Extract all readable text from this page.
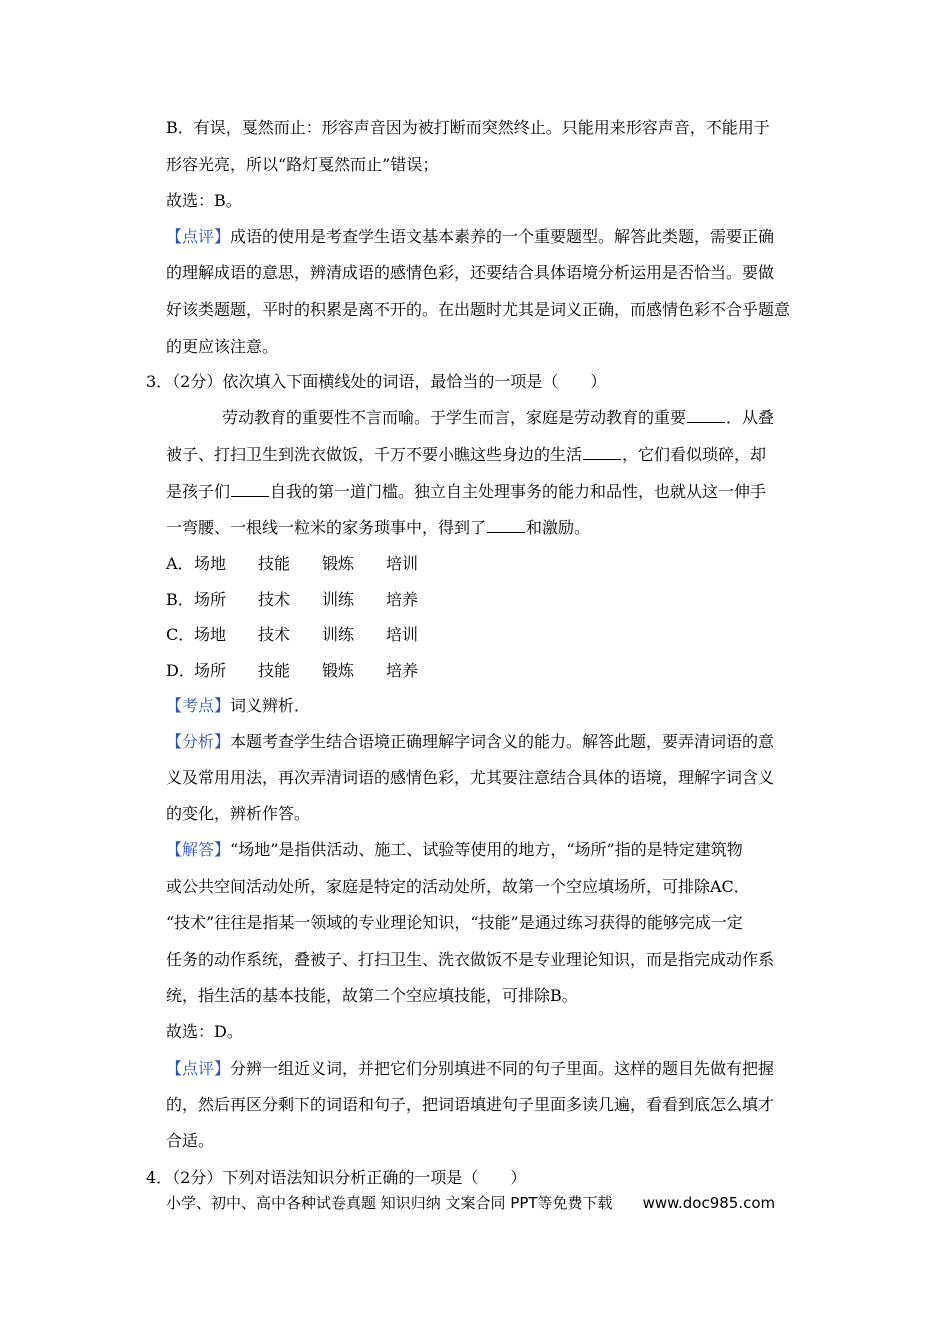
B．有误，戛然而止：形容声音因为被打断而突然终止。只能用来形容声音，不能用于
形容光亮，所以“路灯戛然而止”错误；
故选：B。
【点评】成语的使用是考查学生语文基本素养的一个重要题型。解答此类题，需要正确
的理解成语的意思，辨清成语的感情色彩，还要结合具体语境分析运用是否恰当。要做
好该类题题，平时的积累是离不开的。在出题时尤其是词义正确，而感情色彩不合乎题意
的更应该注意。
3．（2分）依次填入下面横线处的词语，最恰当的一项是（　　）
劳动教育的重要性不言而喻。于学生而言，家庭是劳动教育的重要	．从叠
被子、打扫卫生到洗衣做饭，千万不要小瞧这些身边的生活	，它们看似琐碎，却
是孩子们	自我的第一道门槛。独立自主处理事务的能力和品性，也就从这一伸手
一弯腰、一根线一粒米的家务琐事中，得到了	和激励。
A．场地 技能 锻炼 培训
B．场所 技术 训练 培养
C．场地 技术 训练 培训
D．场所 技能 锻炼 培养
【考点】词义辨析．
【分析】本题考查学生结合语境正确理解字词含义的能力。解答此题，要弄清词语的意
义及常用用法，再次弄清词语的感情色彩，尤其要注意结合具体的语境，理解字词含义
的变化，辨析作答。
【解答】“场地”是指供活动、施工、试验等使用的地方，“场所”指的是特定建筑物
或公共空间活动处所，家庭是特定的活动处所，故第一个空应填场所，可排除AC．
“技术”往往是指某一领域的专业理论知识，“技能”是通过练习获得的能够完成一定
任务的动作系统，叠被子、打扫卫生、洗衣做饭不是专业理论知识，而是指完成动作系
统，指生活的基本技能，故第二个空应填技能，可排除B。
故选：D。
【点评】分辨一组近义词，并把它们分别填进不同的句子里面。这样的题目先做有把握
的，然后再区分剩下的词语和句子，把词语填进句子里面多读几遍，看看到底怎么填才
合适。
4．（2分）下列对语法知识分析正确的一项是（　　）
小学、初中、高中各种试卷真题 知识归纳 文案合同 PPT等免费下载 www.doc985.com
